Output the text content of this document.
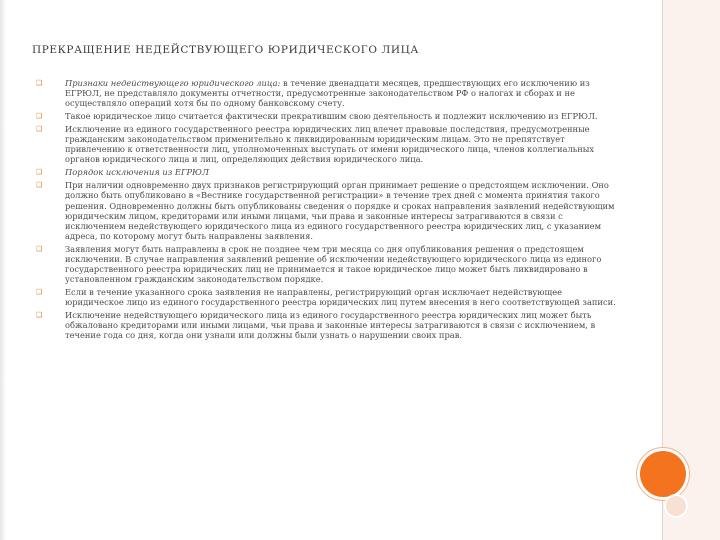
ПРЕКРАЩЕНИЕ НЕДЕЙСТВУЮЩЕГО ЮРИДИЧЕСКОГО ЛИЦА
❑	Признаки недействующего юридического лица: в течение двенадцати месяцев, предшествующих его исключению из ЕГРЮЛ, не представляло документы отчетности, предусмотренные законодательством РФ о налогах и сборах и не осуществляло операций хотя бы по одному банковскому счету.
❑	Такое юридическое лицо считается фактически прекратившим свою деятельность и подлежит исключению из ЕГРЮЛ.
❑	Исключение из единого государственного реестра юридических лиц влечет правовые последствия, предусмотренные гражданским законодательством применительно к ликвидированным юридическим лицам. Это не препятствует привлечению к ответственности лиц, уполномоченных выступать от имени юридического лица, членов коллегиальных органов юридического лица и лиц, определяющих действия юридического лица.
❑	Порядок исключения из ЕГРЮЛ
❑	При наличии одновременно двух признаков регистрирующий орган принимает решение о предстоящем исключении. Оно должно быть опубликовано в «Вестнике государственной регистрации» в течение трех дней с момента принятия такого решения. Одновременно должны быть опубликованы сведения о порядке и сроках направления заявлений недействующим юридическим лицом, кредиторами или иными лицами, чьи права и законные интересы затрагиваются в связи с исключением недействующего юридического лица из единого государственного реестра юридических лиц, с указанием адреса, по которому могут быть направлены заявления.
❑	Заявления могут быть направлены в срок не позднее чем три месяца со дня опубликования решения о предстоящем исключении. В случае направления заявлений решение об исключении недействующего юридического лица из единого государственного реестра юридических лиц не принимается и такое юридическое лицо может быть ликвидировано в установленном гражданским законодательством порядке.
❑	Если в течение указанного срока заявления не направлены, регистрирующий орган исключает недействующее юридическое лицо из единого государственного реестра юридических лиц путем внесения в него соответствующей записи.
❑	Исключение недействующего юридического лица из единого государственного реестра юридических лиц может быть обжаловано кредиторами или иными лицами, чьи права и законные интересы затрагиваются в связи с исключением, в течение года со дня, когда они узнали или должны были узнать о нарушении своих прав.
